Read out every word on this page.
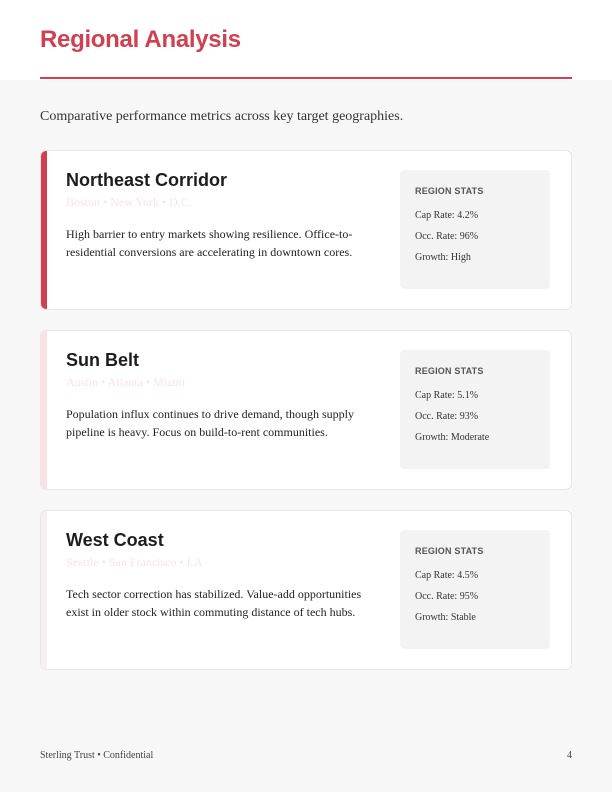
Regional Analysis

Comparative performance metrics across key target geographies.

Northeast Corridor
Boston • New York • D.C.

High barrier to entry markets showing resilience. Office-to-residential conversions are accelerating in downtown cores.

REGION STATS
Cap Rate: 4.2%
Occ. Rate: 96%
Growth: High
Sun Belt
Austin • Atlanta • Miami

Population influx continues to drive demand, though supply pipeline is heavy. Focus on build-to-rent communities.

REGION STATS
Cap Rate: 5.1%
Occ. Rate: 93%
Growth: Moderate
West Coast
Seattle • San Francisco • LA

Tech sector correction has stabilized. Value-add opportunities exist in older stock within commuting distance of tech hubs.

REGION STATS
Cap Rate: 4.5%
Occ. Rate: 95%
Growth: Stable
Sterling Trust • Confidential	4
